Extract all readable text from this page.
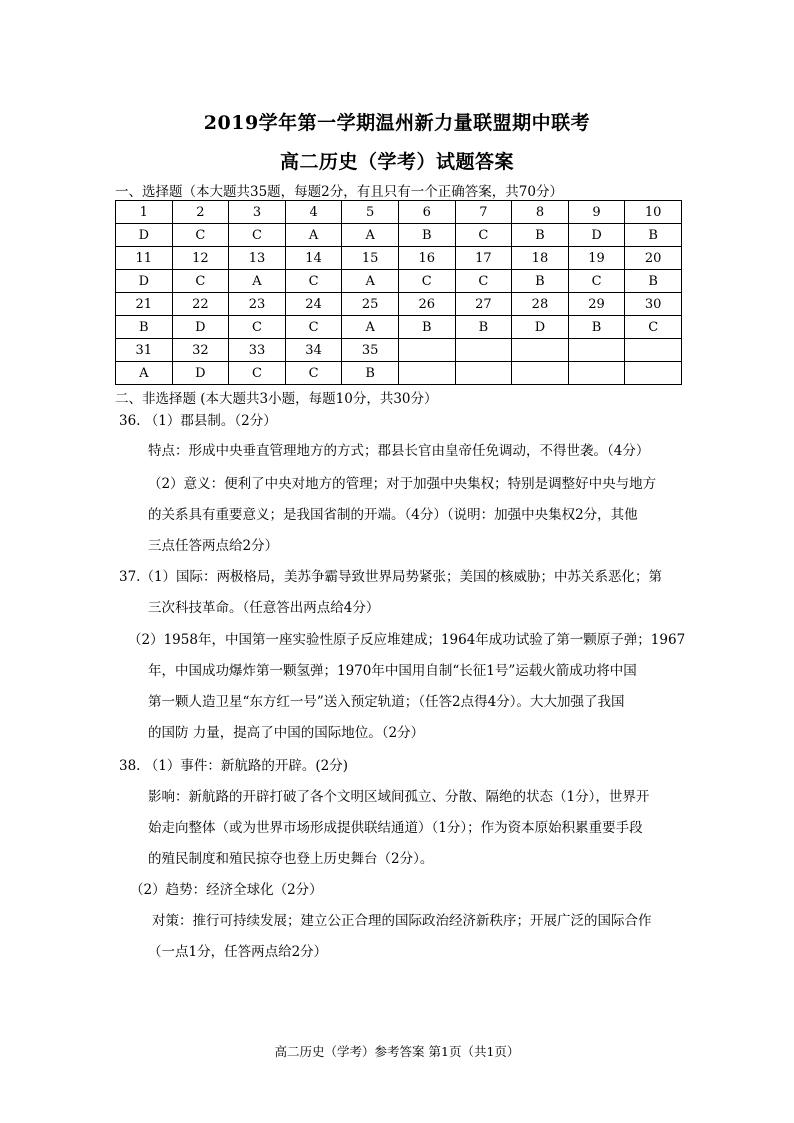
2019学年第一学期温州新力量联盟期中联考
高二历史（学考）试题答案
一、选择题（本大题共35题，每题2分，有且只有一个正确答案，共70分）
1	2	3	4	5	6	7	8	9	10
D	C	C	A	A	B	C	B	D	B
11	12	13	14	15	16	17	18	19	20
D	C	A	C	A	C	C	B	C	B
21	22	23	24	25	26	27	28	29	30
B	D	C	C	A	B	B	D	B	C
31	32	33	34	35					
A	D	C	C	B					
二、非选择题 (本大题共3小题，每题10分，共30分）
36. （1）郡县制。（2分）
特点：形成中央垂直管理地方的方式；郡县长官由皇帝任免调动，不得世袭。（4分）
（2）意义：便利了中央对地方的管理；对于加强中央集权；特别是调整好中央与地方
的关系具有重要意义；是我国省制的开端。（4分）（说明：加强中央集权2分，其他
三点任答两点给2分）
37.（1）国际：两极格局，美苏争霸导致世界局势紧张；美国的核威胁；中苏关系恶化；第
三次科技革命。（任意答出两点给4分）
（2）1958年，中国第一座实验性原子反应堆建成；1964年成功试验了第一颗原子弹；1967
年，中国成功爆炸第一颗氢弹；1970年中国用自制“长征1号”运载火箭成功将中国
第一颗人造卫星“东方红一号”送入预定轨道；（任答2点得4分）。大大加强了我国
的国防 力量，提高了中国的国际地位。（2分）
38. （1）事件：新航路的开辟。(2分)
影响：新航路的开辟打破了各个文明区域间孤立、分散、隔绝的状态（1分），世界开
始走向整体（或为世界市场形成提供联结通道）（1分）；作为资本原始积累重要手段
的殖民制度和殖民掠夺也登上历史舞台（2分）。
（2）趋势：经济全球化（2分）
对策：推行可持续发展；建立公正合理的国际政治经济新秩序；开展广泛的国际合作
（一点1分，任答两点给2分）
高二历史（学考）参考答案 第1页（共1页）
